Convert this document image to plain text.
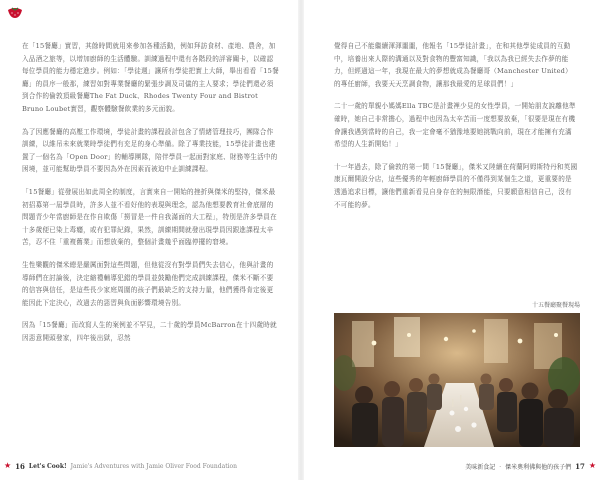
在「15餐廳」實習，其餘時間就用來參加各種活動，例如拜訪食材、產地、農舍，加入品酒之旅等，以增加廚師的生活體驗。訓練過程中還有各階段的評審關卡，以確認每位學員的能力穩定進步。例如：「學徒週」讓所有學徒把實上大師，舉出看看「15餐廳」的員序一般那，練習如對專業餐廳的緊張步調及司儀的主人要求；學徒們還必須到合作的倫敦頂級餐廳The Fat Duck、Rhodes Twenty Four and Bistrot Bruno Loubet實習，觀察體驗餐飲業的多元面貌。

為了因應餐廳的高壓工作環境，學徒計畫的課程設計包含了情緒管理技巧，團隊合作訓練，以維吊未來就業時學徒們有充足的身心準備。除了專業技能，15學徒計畫也建置了一個名為「Open Door」的輔導團隊，陪伴學員一起面對家庭、財務等生活中的困境，並可能幫助學員不要因為外在因素而被迫中止訓練課程。

「15餐廳」從發展出如此周全的制度，言實來自一開始的挫折與傑米的堅持，傑米最初招募第一屆學員時，許多人並不看好他的表現與理念，認為他想要教育社會底層的問題青少年當廚師是在作自欺傷「撈冒是一件自我滿面的大工程」，特別是許多學員在十多歲便已染上毒癮，或有犯罪紀錄，果然，訓練期間就發出現學員因跟進課程太辛苦，忍不住「重複舊業」而想放棄的，整個計畫幾乎面臨停擺的窘境。

生性樂觀的傑米總是嚴厲面對這些問題，但他從沒有對學員們失去信心，他與計畫的導師們在討論後，決定縮禮輔導犯錯的學員並鼓勵他們完成訓練課程，傑米不斷不要的信容與信任，是這些長少家庭周圍的孩子們最缺乏的支持力量，他們獲得肯定後更能因此下定決心，改過去的惡習與負面影響環境告別。

因為「15餐廳」而改寫人生的案例並不罕見，二十歲的學員McBarron在十四歲時就因惡意開頭發家，四年後出獄，忍然

覺得自己不能繼續渾渾噩噩，他報名「15學徒計畫」，在和其他學徒成員的互動中，培養出來人際的溝通以及對食物的豐富知識，「我以為我已經失去作夢的能力，但經過這一年，我現在最大的夢想就成為餐廳哥（Manchester United）的專任廚師，我要天天烹調食物，讓那我最愛的足球員們！」

二十一歲的單親小媽媽Ella TBC是計畫裡少見的女性學員，一開始朋友說離他準確時，她自己非常擔心，過程中也因為太辛苦而一度想要放棄，「很要是現在有機會讓我遇到當時的自己，我一定會毫不猶豫地要她挑戰向前，現在才能擁有充滿希望的人生新開始！」

十一年過去，除了倫敦的第一間「15餐廳」，傑米又陸續在荷蘭阿姆斯特丹和英國康瓦爾開設分店，這些優秀的年輕廚師學員的不僅得到某個生之道，更重要的是透過追求目標，讓他們重新看見自身存在的無限潛能，只要願意相信自己，沒有不可能的夢。

十五餐廳聚餐現場
★ 16 Let's Cook! Jamie's Adventures with Jamie Oliver Food Foundation	美味新食記 ‧ 傑米奧利佛與他的孩子們 17 ★
